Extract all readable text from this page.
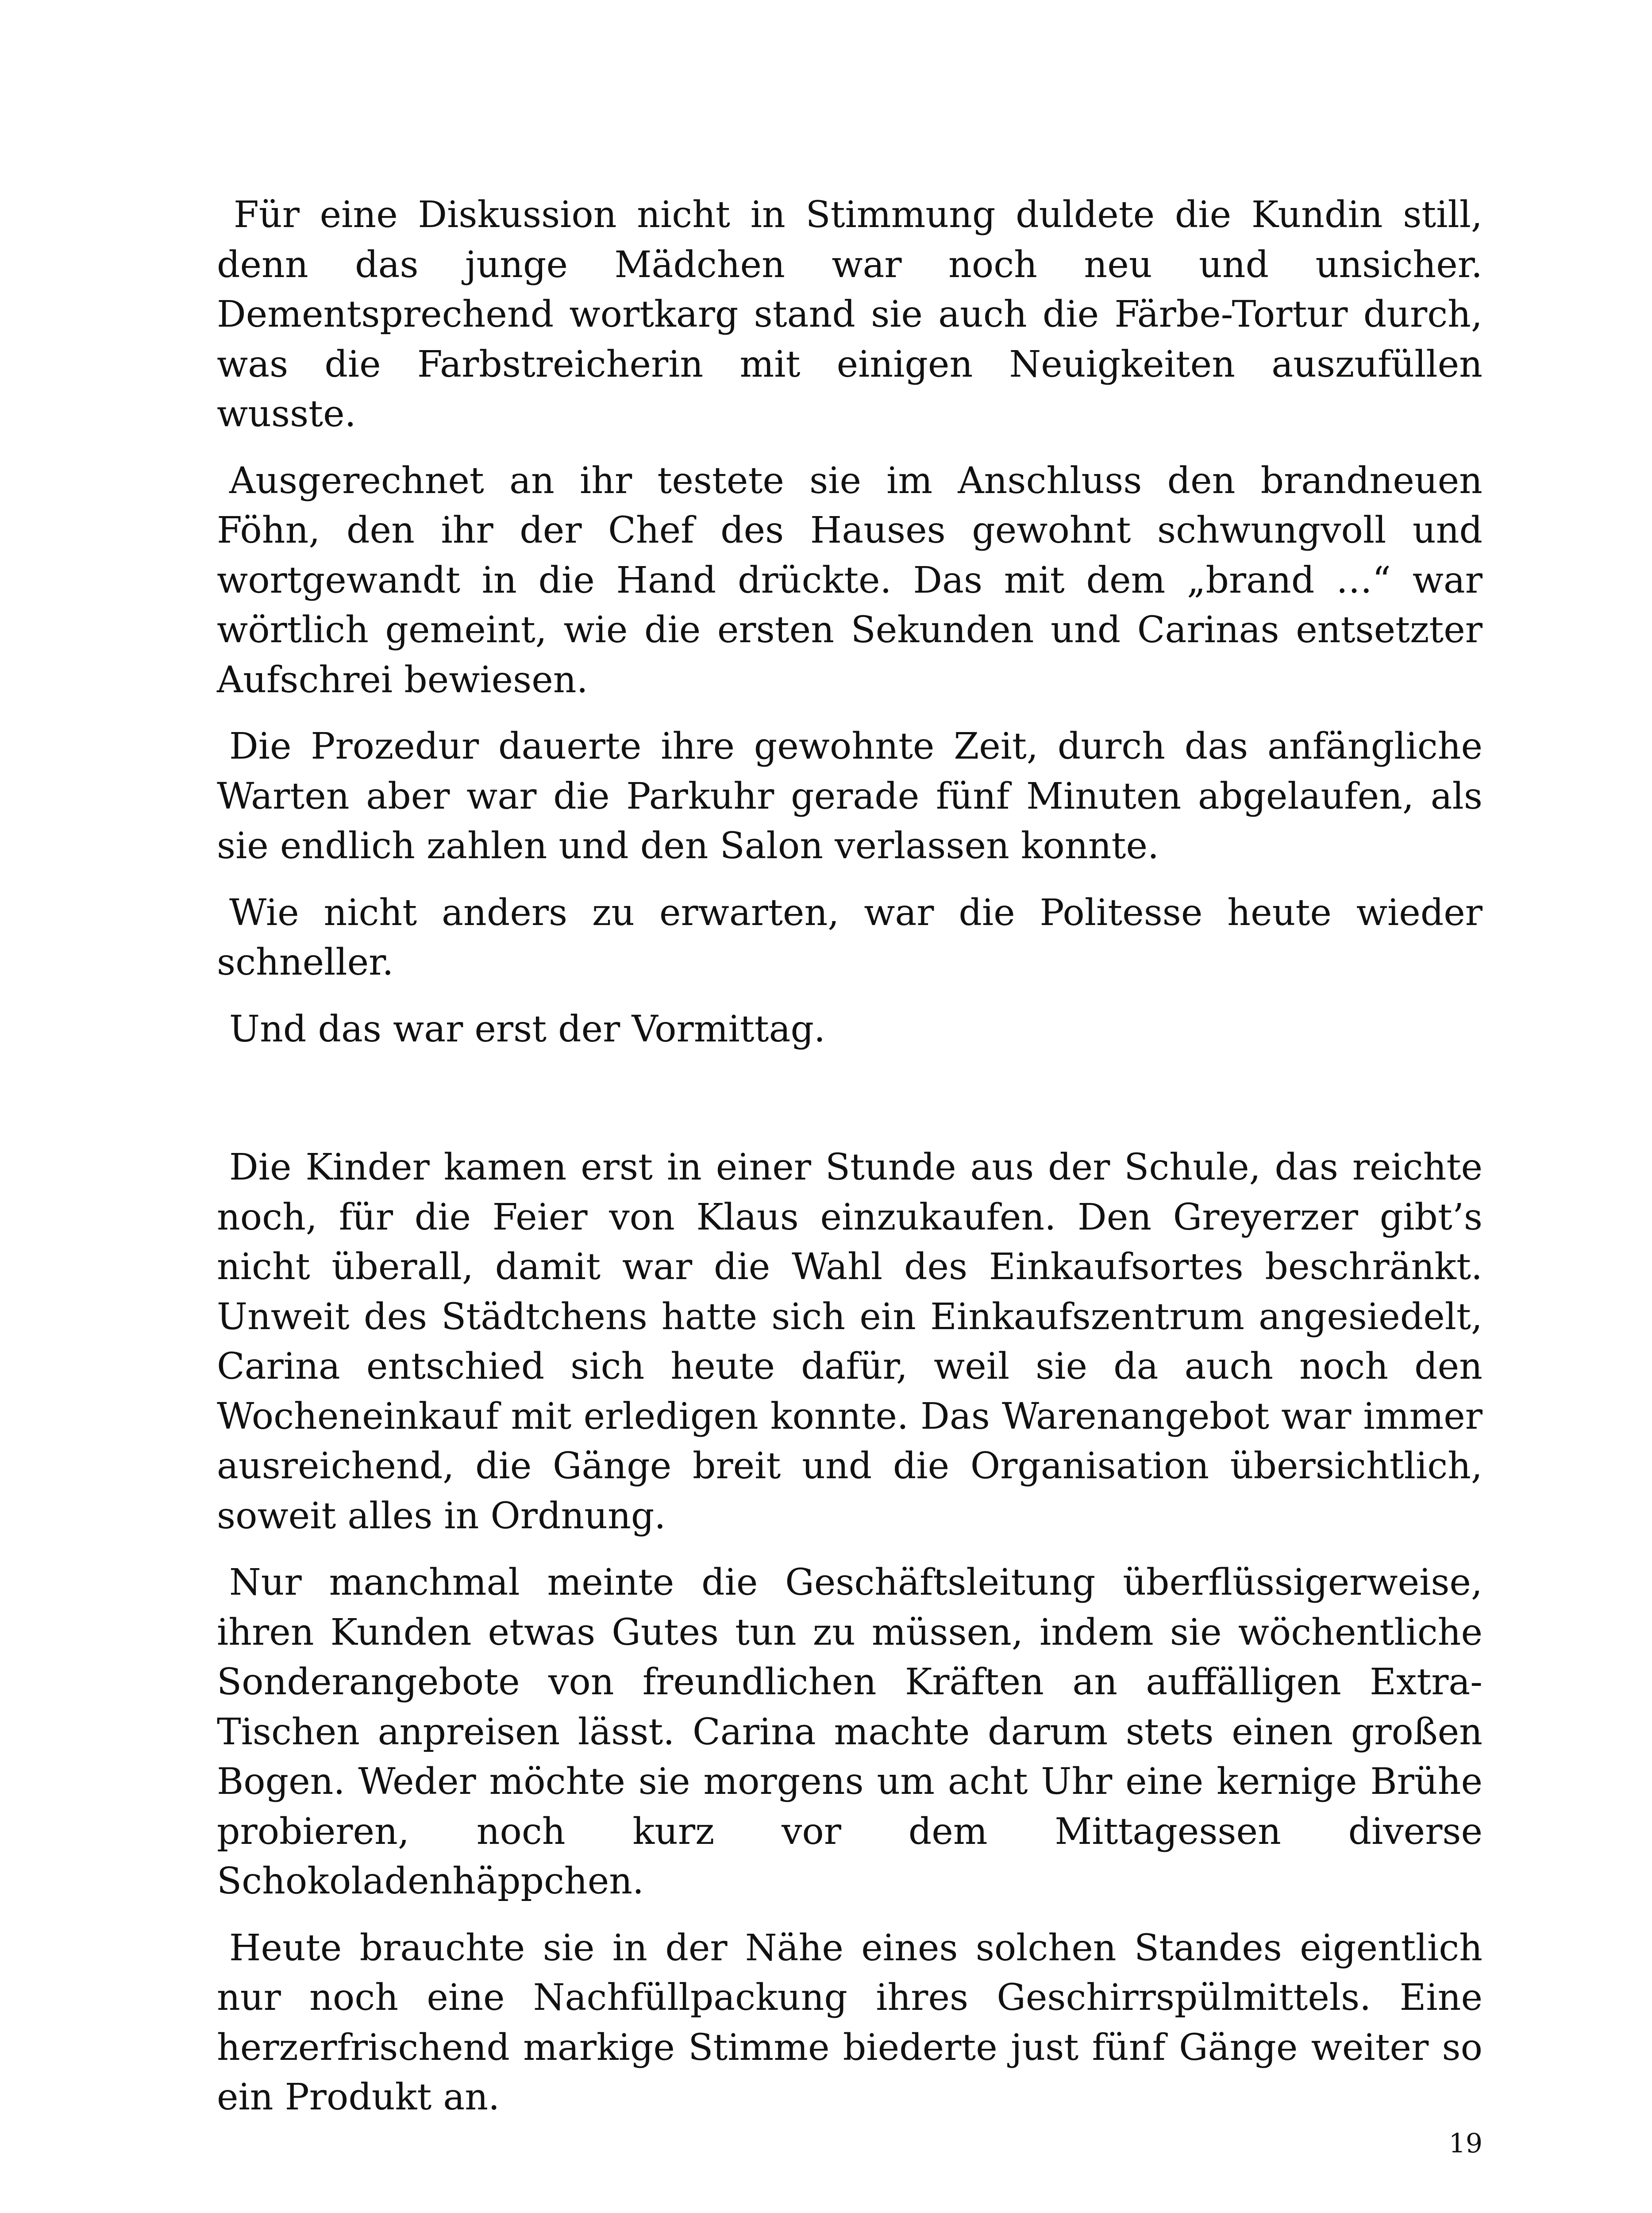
Für eine Diskussion nicht in Stimmung duldete die Kundin still, denn das junge Mädchen war noch neu und unsicher. Dementsprechend wortkarg stand sie auch die Färbe-Tortur durch, was die Farbstreicherin mit einigen Neuigkeiten auszufüllen wusste.

Ausgerechnet an ihr testete sie im Anschluss den brandneuen Föhn, den ihr der Chef des Hauses gewohnt schwungvoll und wortgewandt in die Hand drückte. Das mit dem „brand …“ war wörtlich gemeint, wie die ersten Sekunden und Carinas entsetzter Aufschrei bewiesen.

Die Prozedur dauerte ihre gewohnte Zeit, durch das anfängliche Warten aber war die Parkuhr gerade fünf Minuten abgelaufen, als sie endlich zahlen und den Salon verlassen konnte.

Wie nicht anders zu erwarten, war die Politesse heute wieder schneller.

Und das war erst der Vormittag.

Die Kinder kamen erst in einer Stunde aus der Schule, das reichte noch, für die Feier von Klaus einzukaufen. Den Greyerzer gibt’s nicht überall, damit war die Wahl des Einkaufsortes beschränkt. Unweit des Städtchens hatte sich ein Einkaufszentrum angesiedelt, Carina entschied sich heute dafür, weil sie da auch noch den Wocheneinkauf mit erledigen konnte. Das Warenangebot war immer ausreichend, die Gänge breit und die Organisation übersichtlich, soweit alles in Ordnung.

Nur manchmal meinte die Geschäftsleitung überflüssigerweise, ihren Kunden etwas Gutes tun zu müssen, indem sie wöchentliche Sonderangebote von freundlichen Kräften an auffälligen Extra-Tischen anpreisen lässt. Carina machte darum stets einen großen Bogen. Weder möchte sie morgens um acht Uhr eine kernige Brühe probieren, noch kurz vor dem Mittagessen diverse Schokoladenhäppchen.

Heute brauchte sie in der Nähe eines solchen Standes eigentlich nur noch eine Nachfüllpackung ihres Geschirrspülmittels. Eine herzerfrischend markige Stimme biederte just fünf Gänge weiter so ein Produkt an.

19
